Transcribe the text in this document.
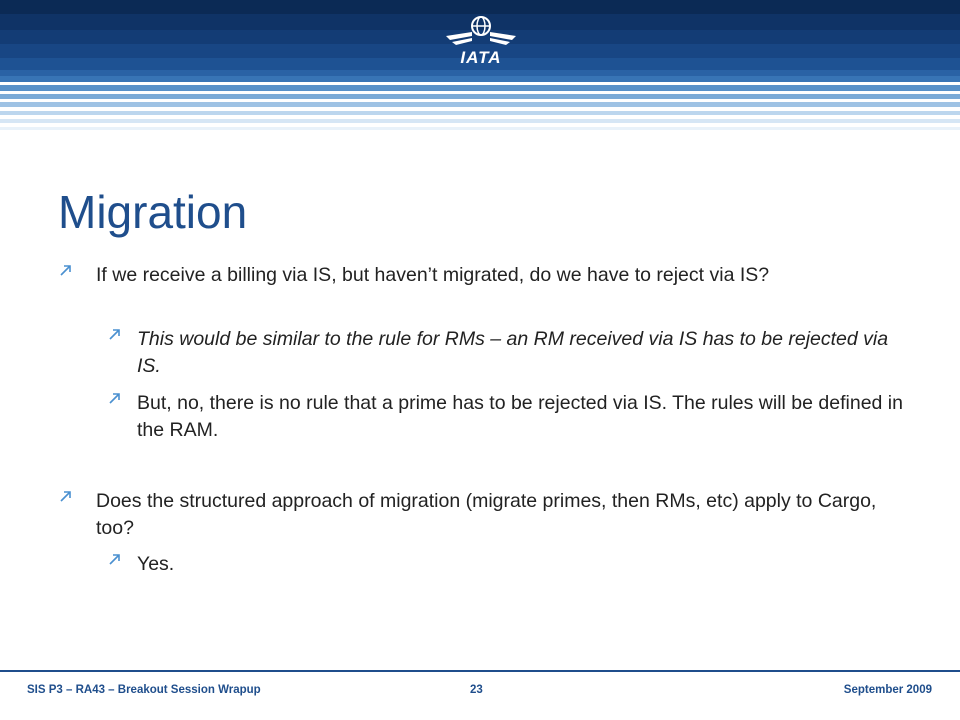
IATA
Migration
If we receive a billing via IS, but haven’t migrated, do we have to reject via IS?
This would be similar to the rule for RMs – an RM received via IS has to be rejected via IS.
But, no, there is no rule that a prime has to be rejected via IS. The rules will be defined in the RAM.
Does the structured approach of migration (migrate primes, then RMs, etc) apply to Cargo, too?
Yes.
SIS P3 – RA43 – Breakout Session Wrapup	23	September 2009
